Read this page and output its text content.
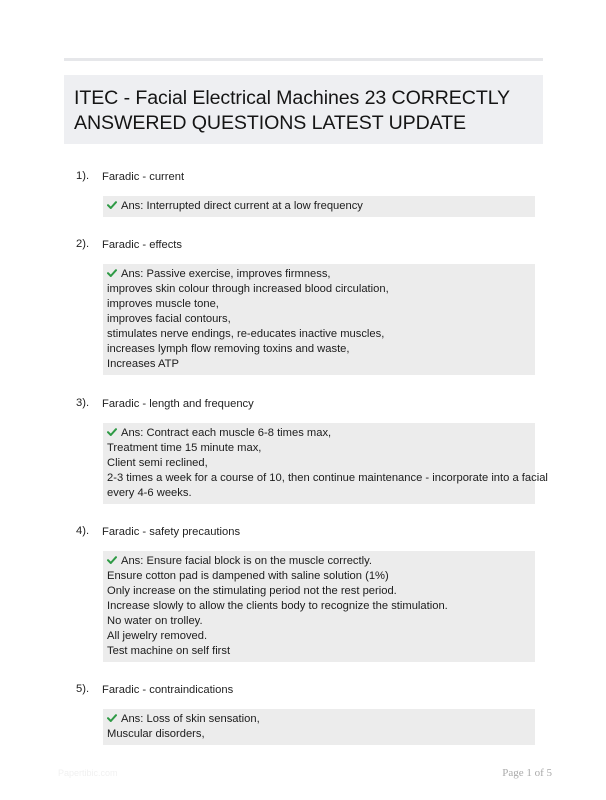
ITEC - Facial Electrical Machines 23 CORRECTLY
ANSWERED QUESTIONS LATEST UPDATE
1). Faradic - current
Ans: Interrupted direct current at a low frequency
2). Faradic - effects
Ans: Passive exercise, improves firmness,
improves skin colour through increased blood circulation,
improves muscle tone,
improves facial contours,
stimulates nerve endings, re-educates inactive muscles,
increases lymph flow removing toxins and waste,
Increases ATP
3). Faradic - length and frequency
Ans: Contract each muscle 6-8 times max,
Treatment time 15 minute max,
Client semi reclined,
2-3 times a week for a course of 10, then continue maintenance - incorporate into a facial
every 4-6 weeks.
4). Faradic - safety precautions
Ans: Ensure facial block is on the muscle correctly.
Ensure cotton pad is dampened with saline solution (1%)
Only increase on the stimulating period not the rest period.
Increase slowly to allow the clients body to recognize the stimulation.
No water on trolley.
All jewelry removed.
Test machine on self first
5). Faradic - contraindications
Ans: Loss of skin sensation,
Muscular disorders,
Papertibic.com	Page 1 of 5
